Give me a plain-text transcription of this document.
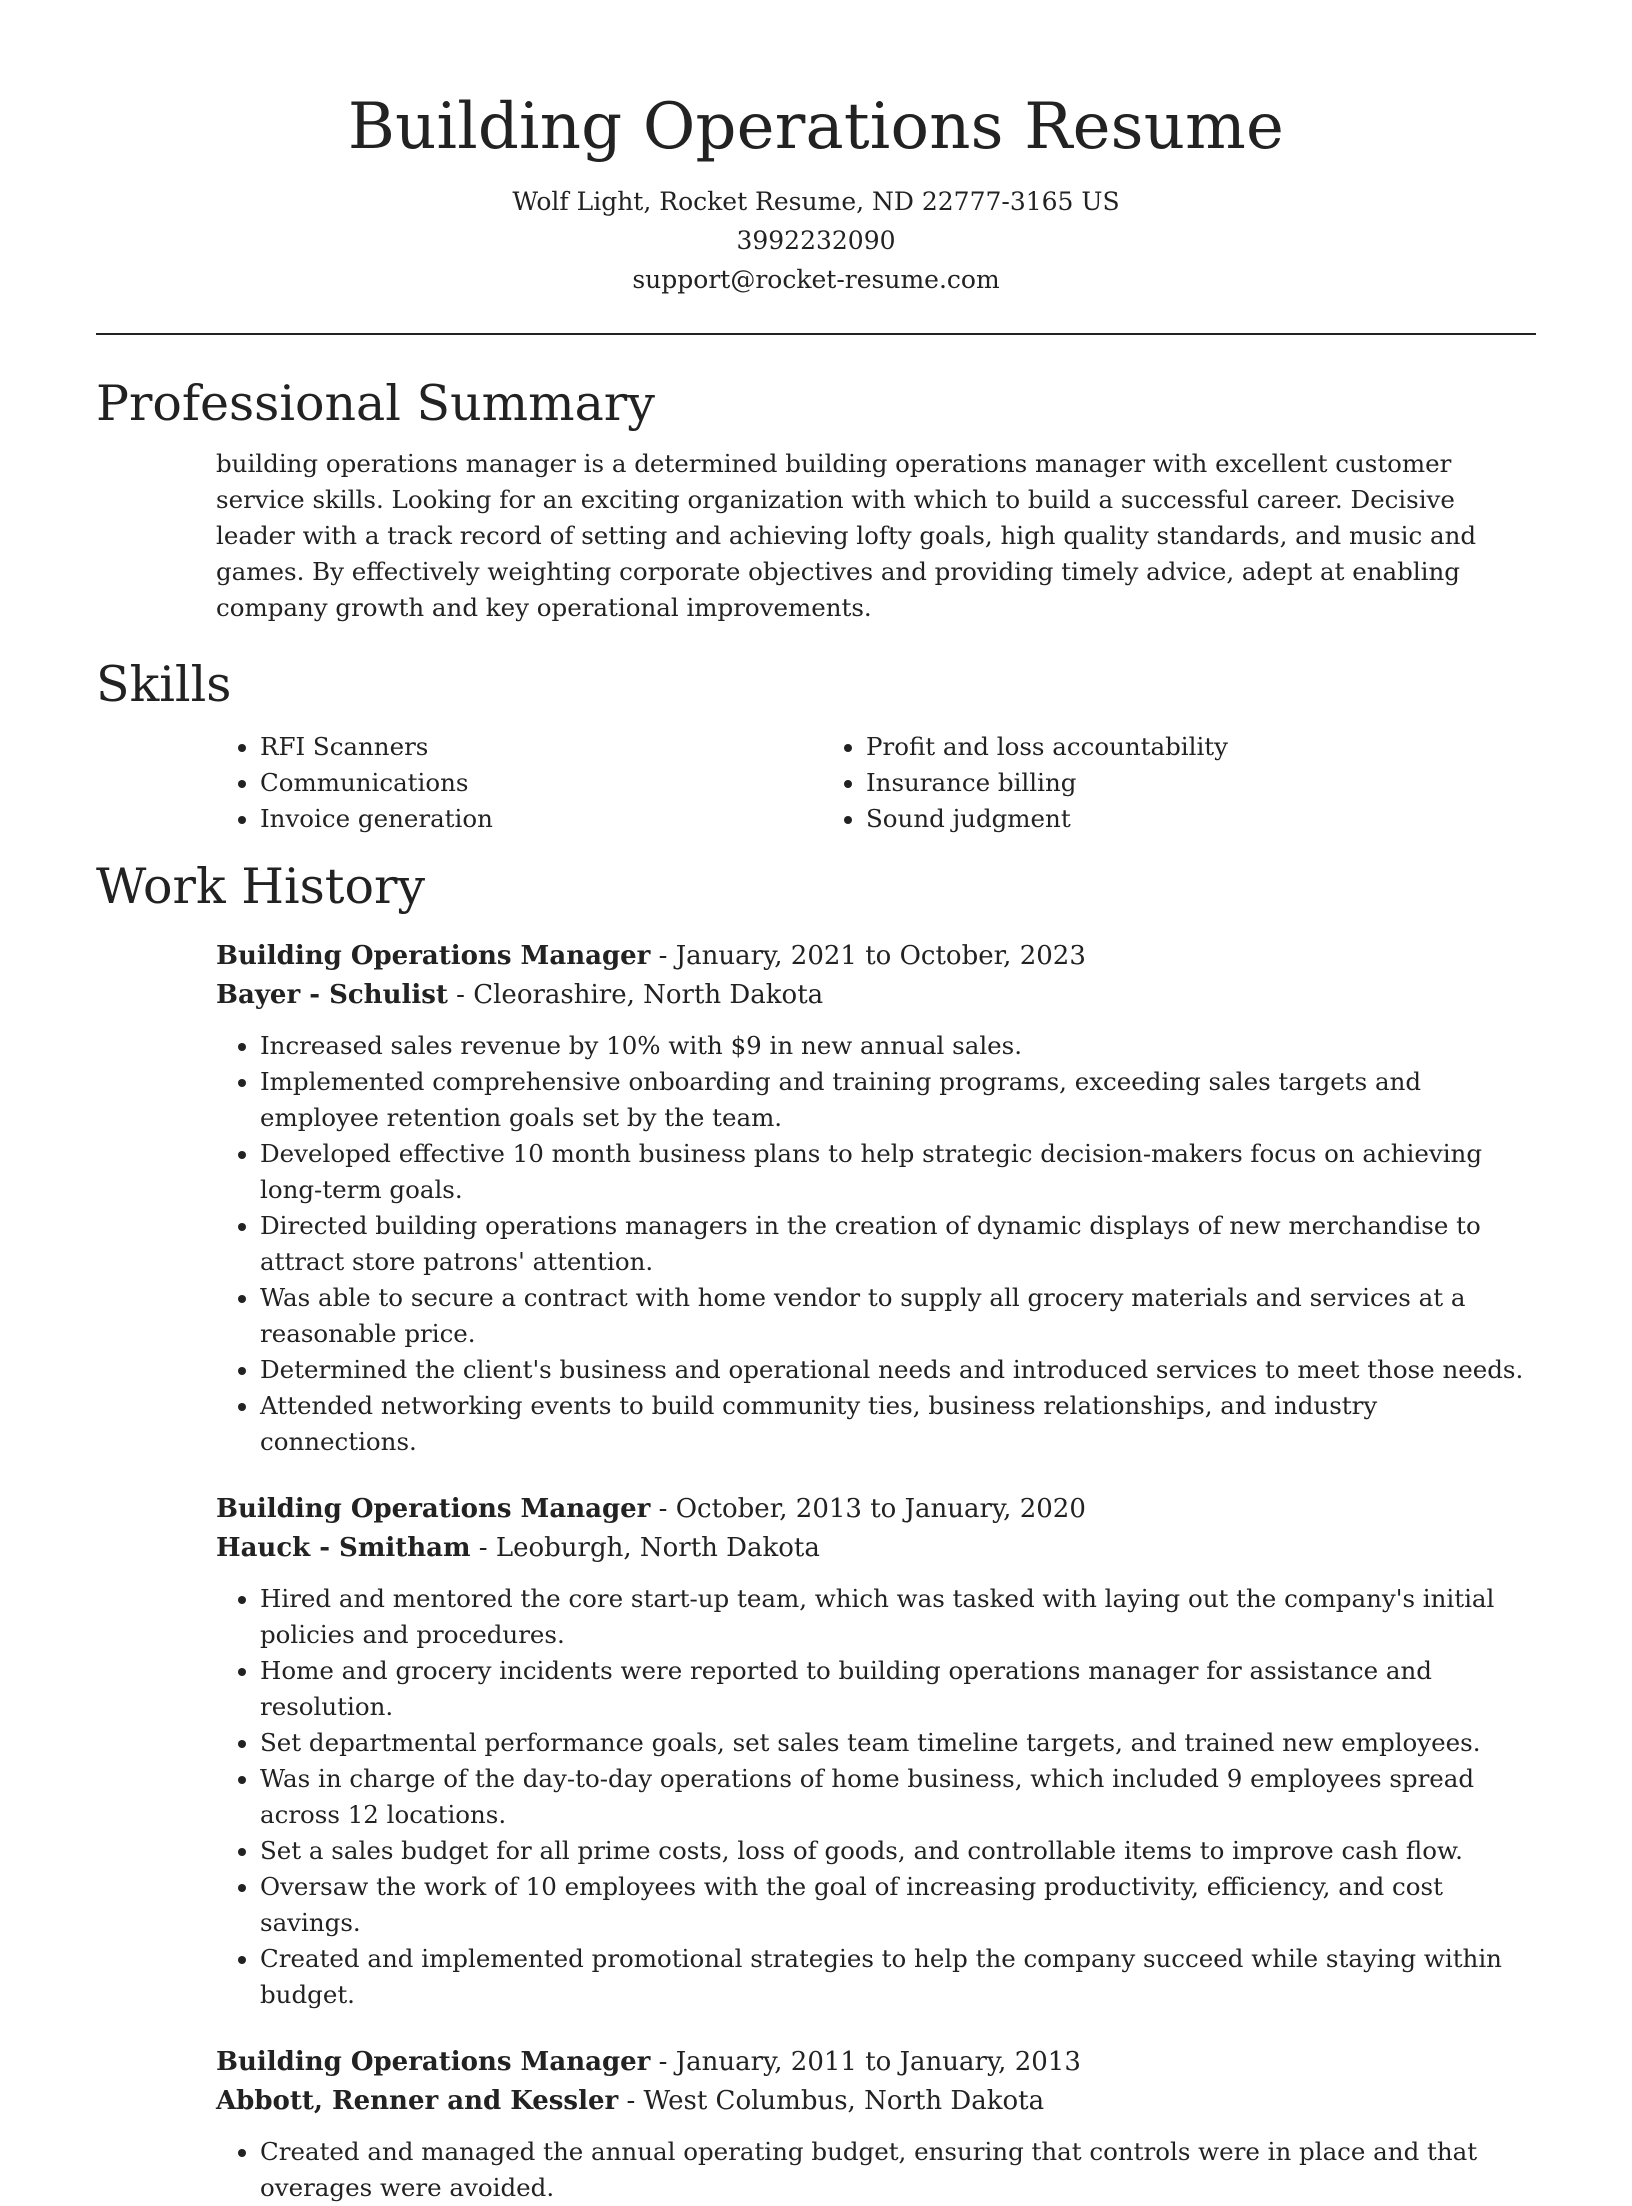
Building Operations Resume
Wolf Light, Rocket Resume, ND 22777-3165 US
3992232090
support@rocket-resume.com
Professional Summary
building operations manager is a determined building operations manager with excellent customer service skills. Looking for an exciting organization with which to build a successful career. Decisive leader with a track record of setting and achieving lofty goals, high quality standards, and music and games. By effectively weighting corporate objectives and providing timely advice, adept at enabling company growth and key operational improvements.
Skills
• RFI Scanners
• Communications
• Invoice generation
• Profit and loss accountability
• Insurance billing
• Sound judgment
Work History
Building Operations Manager - January, 2021 to October, 2023
Bayer - Schulist - Cleorashire, North Dakota
• Increased sales revenue by 10% with $9 in new annual sales.
• Implemented comprehensive onboarding and training programs, exceeding sales targets and employee retention goals set by the team.
• Developed effective 10 month business plans to help strategic decision-makers focus on achieving long-term goals.
• Directed building operations managers in the creation of dynamic displays of new merchandise to attract store patrons' attention.
• Was able to secure a contract with home vendor to supply all grocery materials and services at a reasonable price.
• Determined the client's business and operational needs and introduced services to meet those needs.
• Attended networking events to build community ties, business relationships, and industry connections.
Building Operations Manager - October, 2013 to January, 2020
Hauck - Smitham - Leoburgh, North Dakota
• Hired and mentored the core start-up team, which was tasked with laying out the company's initial policies and procedures.
• Home and grocery incidents were reported to building operations manager for assistance and resolution.
• Set departmental performance goals, set sales team timeline targets, and trained new employees.
• Was in charge of the day-to-day operations of home business, which included 9 employees spread across 12 locations.
• Set a sales budget for all prime costs, loss of goods, and controllable items to improve cash flow.
• Oversaw the work of 10 employees with the goal of increasing productivity, efficiency, and cost savings.
• Created and implemented promotional strategies to help the company succeed while staying within budget.
Building Operations Manager - January, 2011 to January, 2013
Abbott, Renner and Kessler - West Columbus, North Dakota
• Created and managed the annual operating budget, ensuring that controls were in place and that overages were avoided.
